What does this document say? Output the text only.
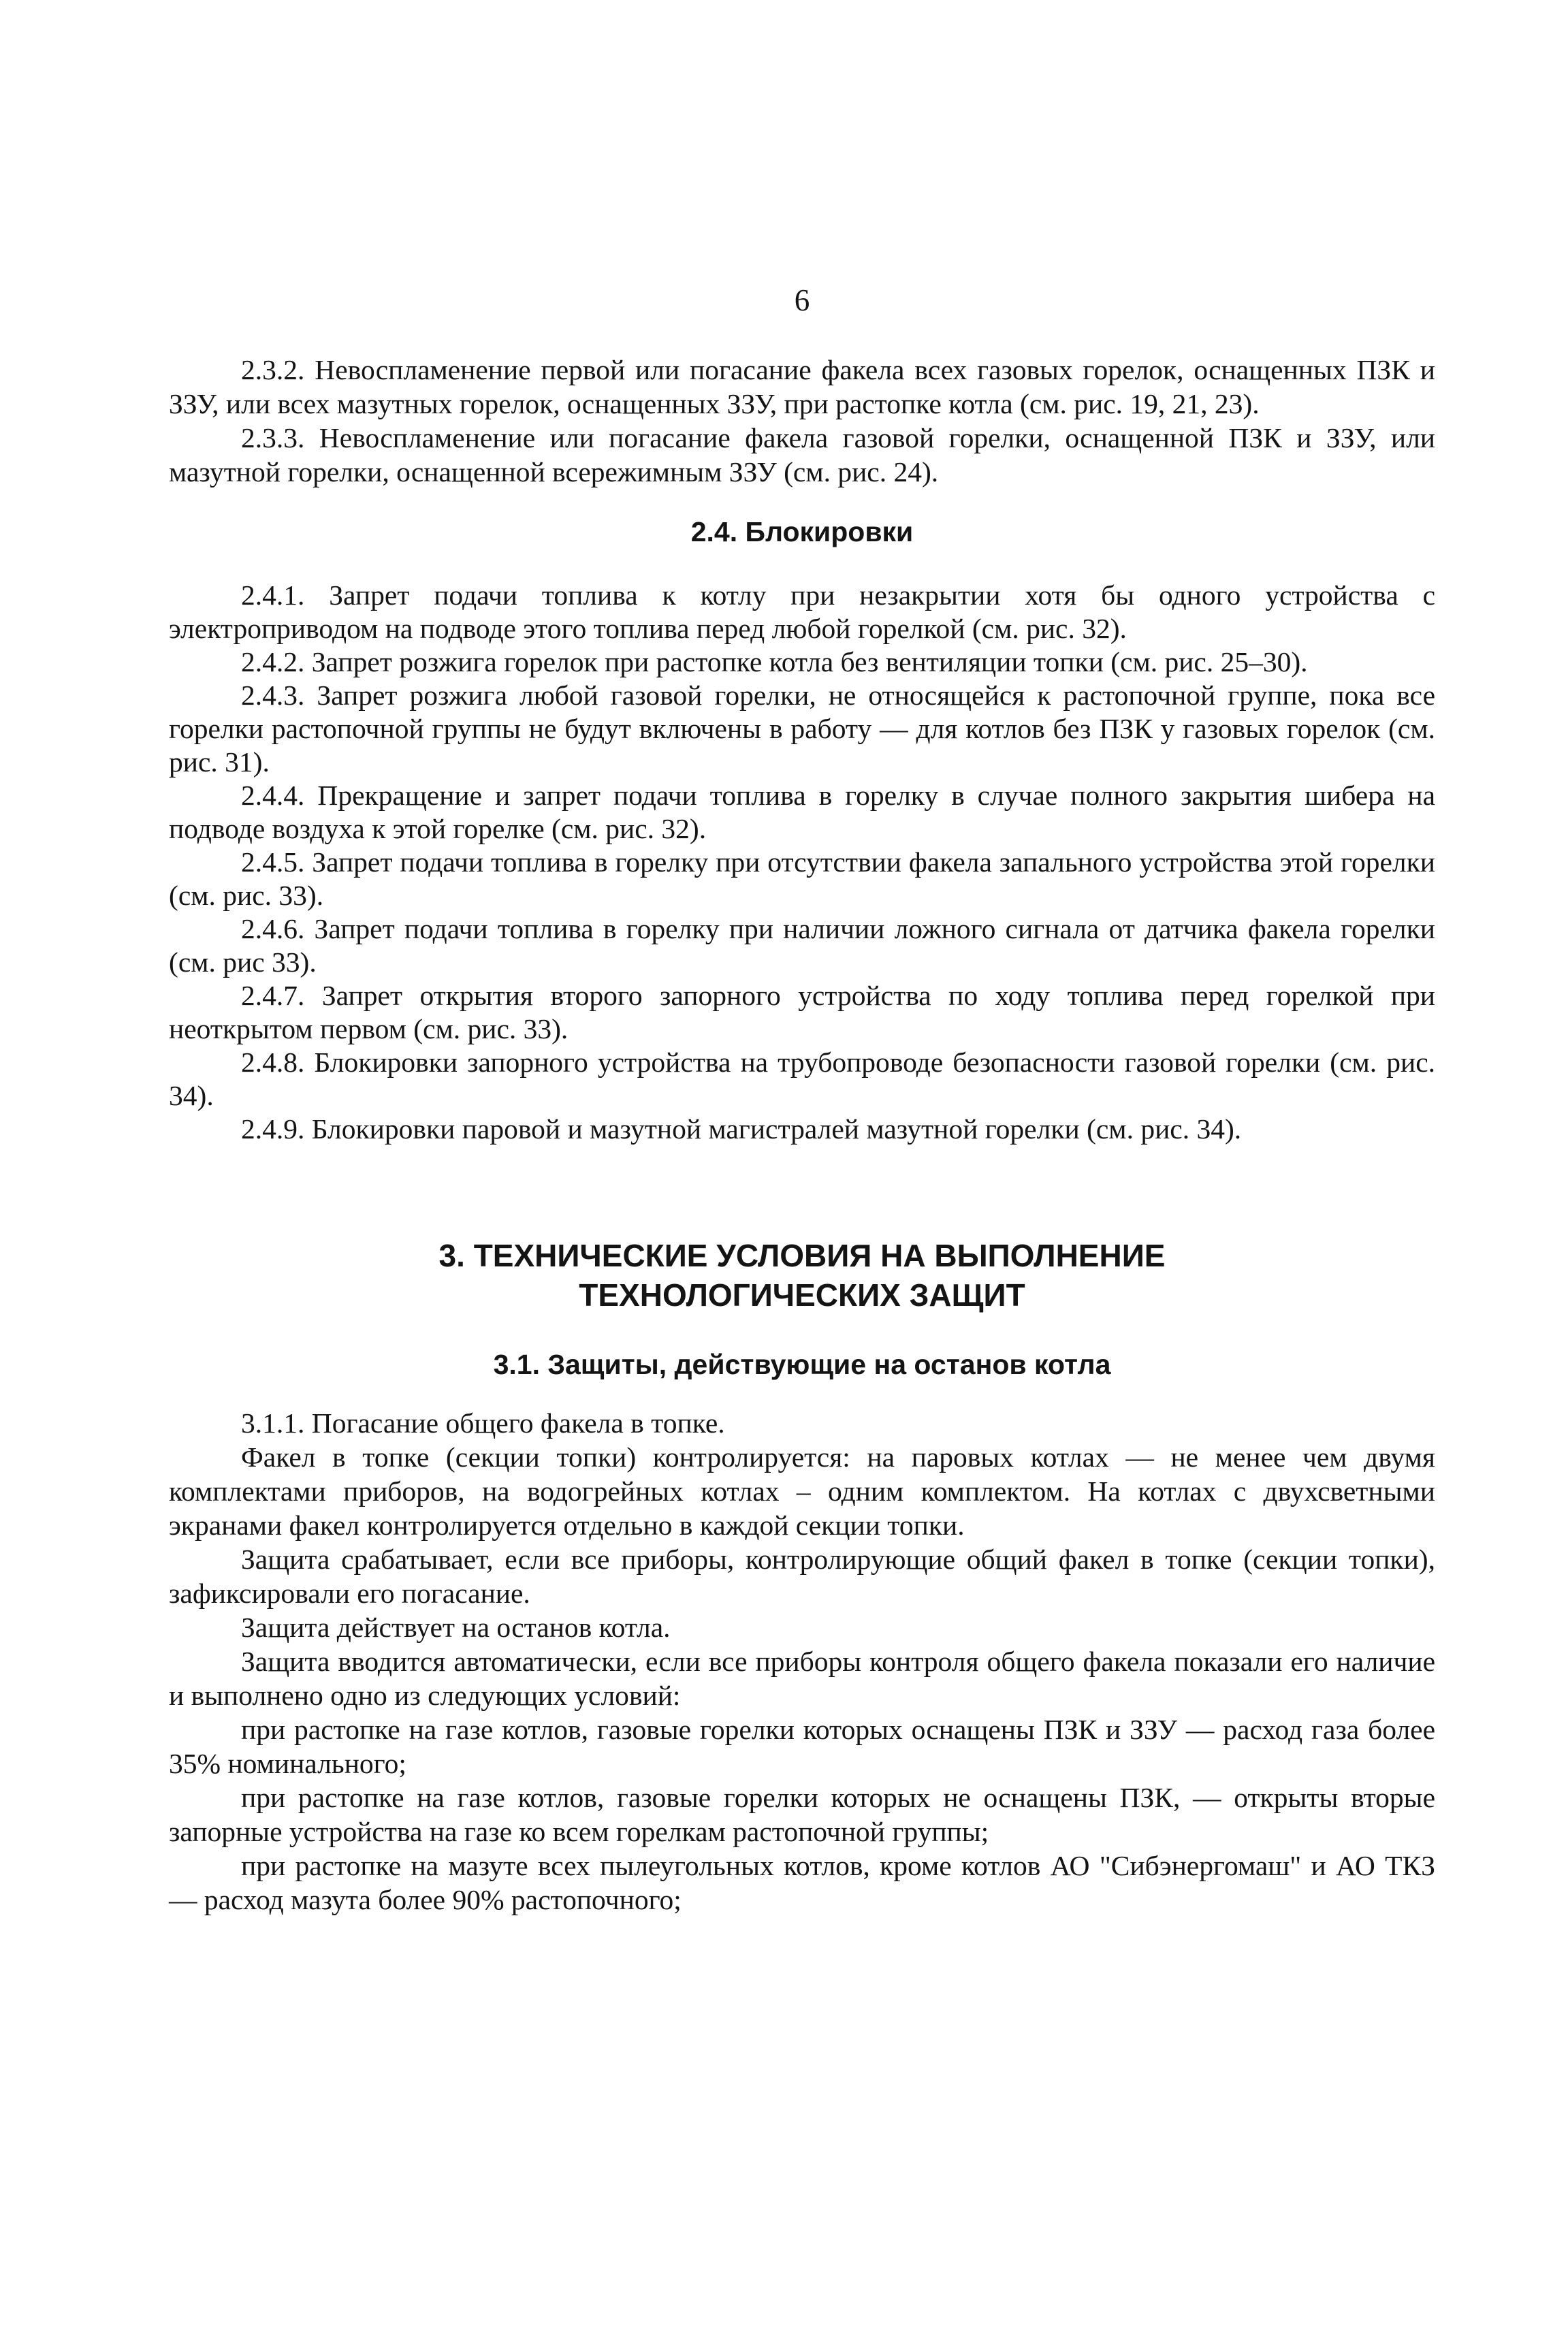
6

2.3.2. Невоспламенение первой или погасание факела всех газовых горелок, оснащенных ПЗК и ЗЗУ, или всех мазутных горелок, оснащенных ЗЗУ, при растопке котла (см. рис. 19, 21, 23).

2.3.3. Невоспламенение или погасание факела газовой горелки, оснащенной ПЗК и ЗЗУ, или мазутной горелки, оснащенной всережимным ЗЗУ (см. рис. 24).

2.4. Блокировки

2.4.1. Запрет подачи топлива к котлу при незакрытии хотя бы одного устройства с электроприводом на подводе этого топлива перед любой горелкой (см. рис. 32).

2.4.2. Запрет розжига горелок при растопке котла без вентиляции топки (см. рис. 25–30).

2.4.3. Запрет розжига любой газовой горелки, не относящейся к растопочной группе, пока все горелки растопочной группы не будут включены в работу — для котлов без ПЗК у газовых горелок (см. рис. 31).

2.4.4. Прекращение и запрет подачи топлива в горелку в случае полного закрытия шибера на подводе воздуха к этой горелке (см. рис. 32).

2.4.5. Запрет подачи топлива в горелку при отсутствии факела запального устройства этой горелки (см. рис. 33).

2.4.6. Запрет подачи топлива в горелку при наличии ложного сигнала от датчика факела горелки (см. рис 33).

2.4.7. Запрет открытия второго запорного устройства по ходу топлива перед горелкой при неоткрытом первом (см. рис. 33).

2.4.8. Блокировки запорного устройства на трубопроводе безопасности газовой горелки (см. рис. 34).

2.4.9. Блокировки паровой и мазутной магистралей мазутной горелки (см. рис. 34).

3. ТЕХНИЧЕСКИЕ УСЛОВИЯ НА ВЫПОЛНЕНИЕ
ТЕХНОЛОГИЧЕСКИХ ЗАЩИТ
3.1. Защиты, действующие на останов котла

3.1.1. Погасание общего факела в топке.

Факел в топке (секции топки) контролируется: на паровых котлах — не менее чем двумя комплектами приборов, на водогрейных котлах – одним комплектом. На котлах с двухсветными экранами факел контролируется отдельно в каждой секции топки.

Защита срабатывает, если все приборы, контролирующие общий факел в топке (секции топки), зафиксировали его погасание.

Защита действует на останов котла.

Защита вводится автоматически, если все приборы контроля общего факела показали его наличие и выполнено одно из следующих условий:

при растопке на газе котлов, газовые горелки которых оснащены ПЗК и ЗЗУ — расход газа более 35% номинального;

при растопке на газе котлов, газовые горелки которых не оснащены ПЗК, — открыты вторые запорные устройства на газе ко всем горелкам растопочной группы;

при растопке на мазуте всех пылеугольных котлов, кроме котлов АО "Сибэнергомаш" и АО ТКЗ — расход мазута более 90% растопочного;
